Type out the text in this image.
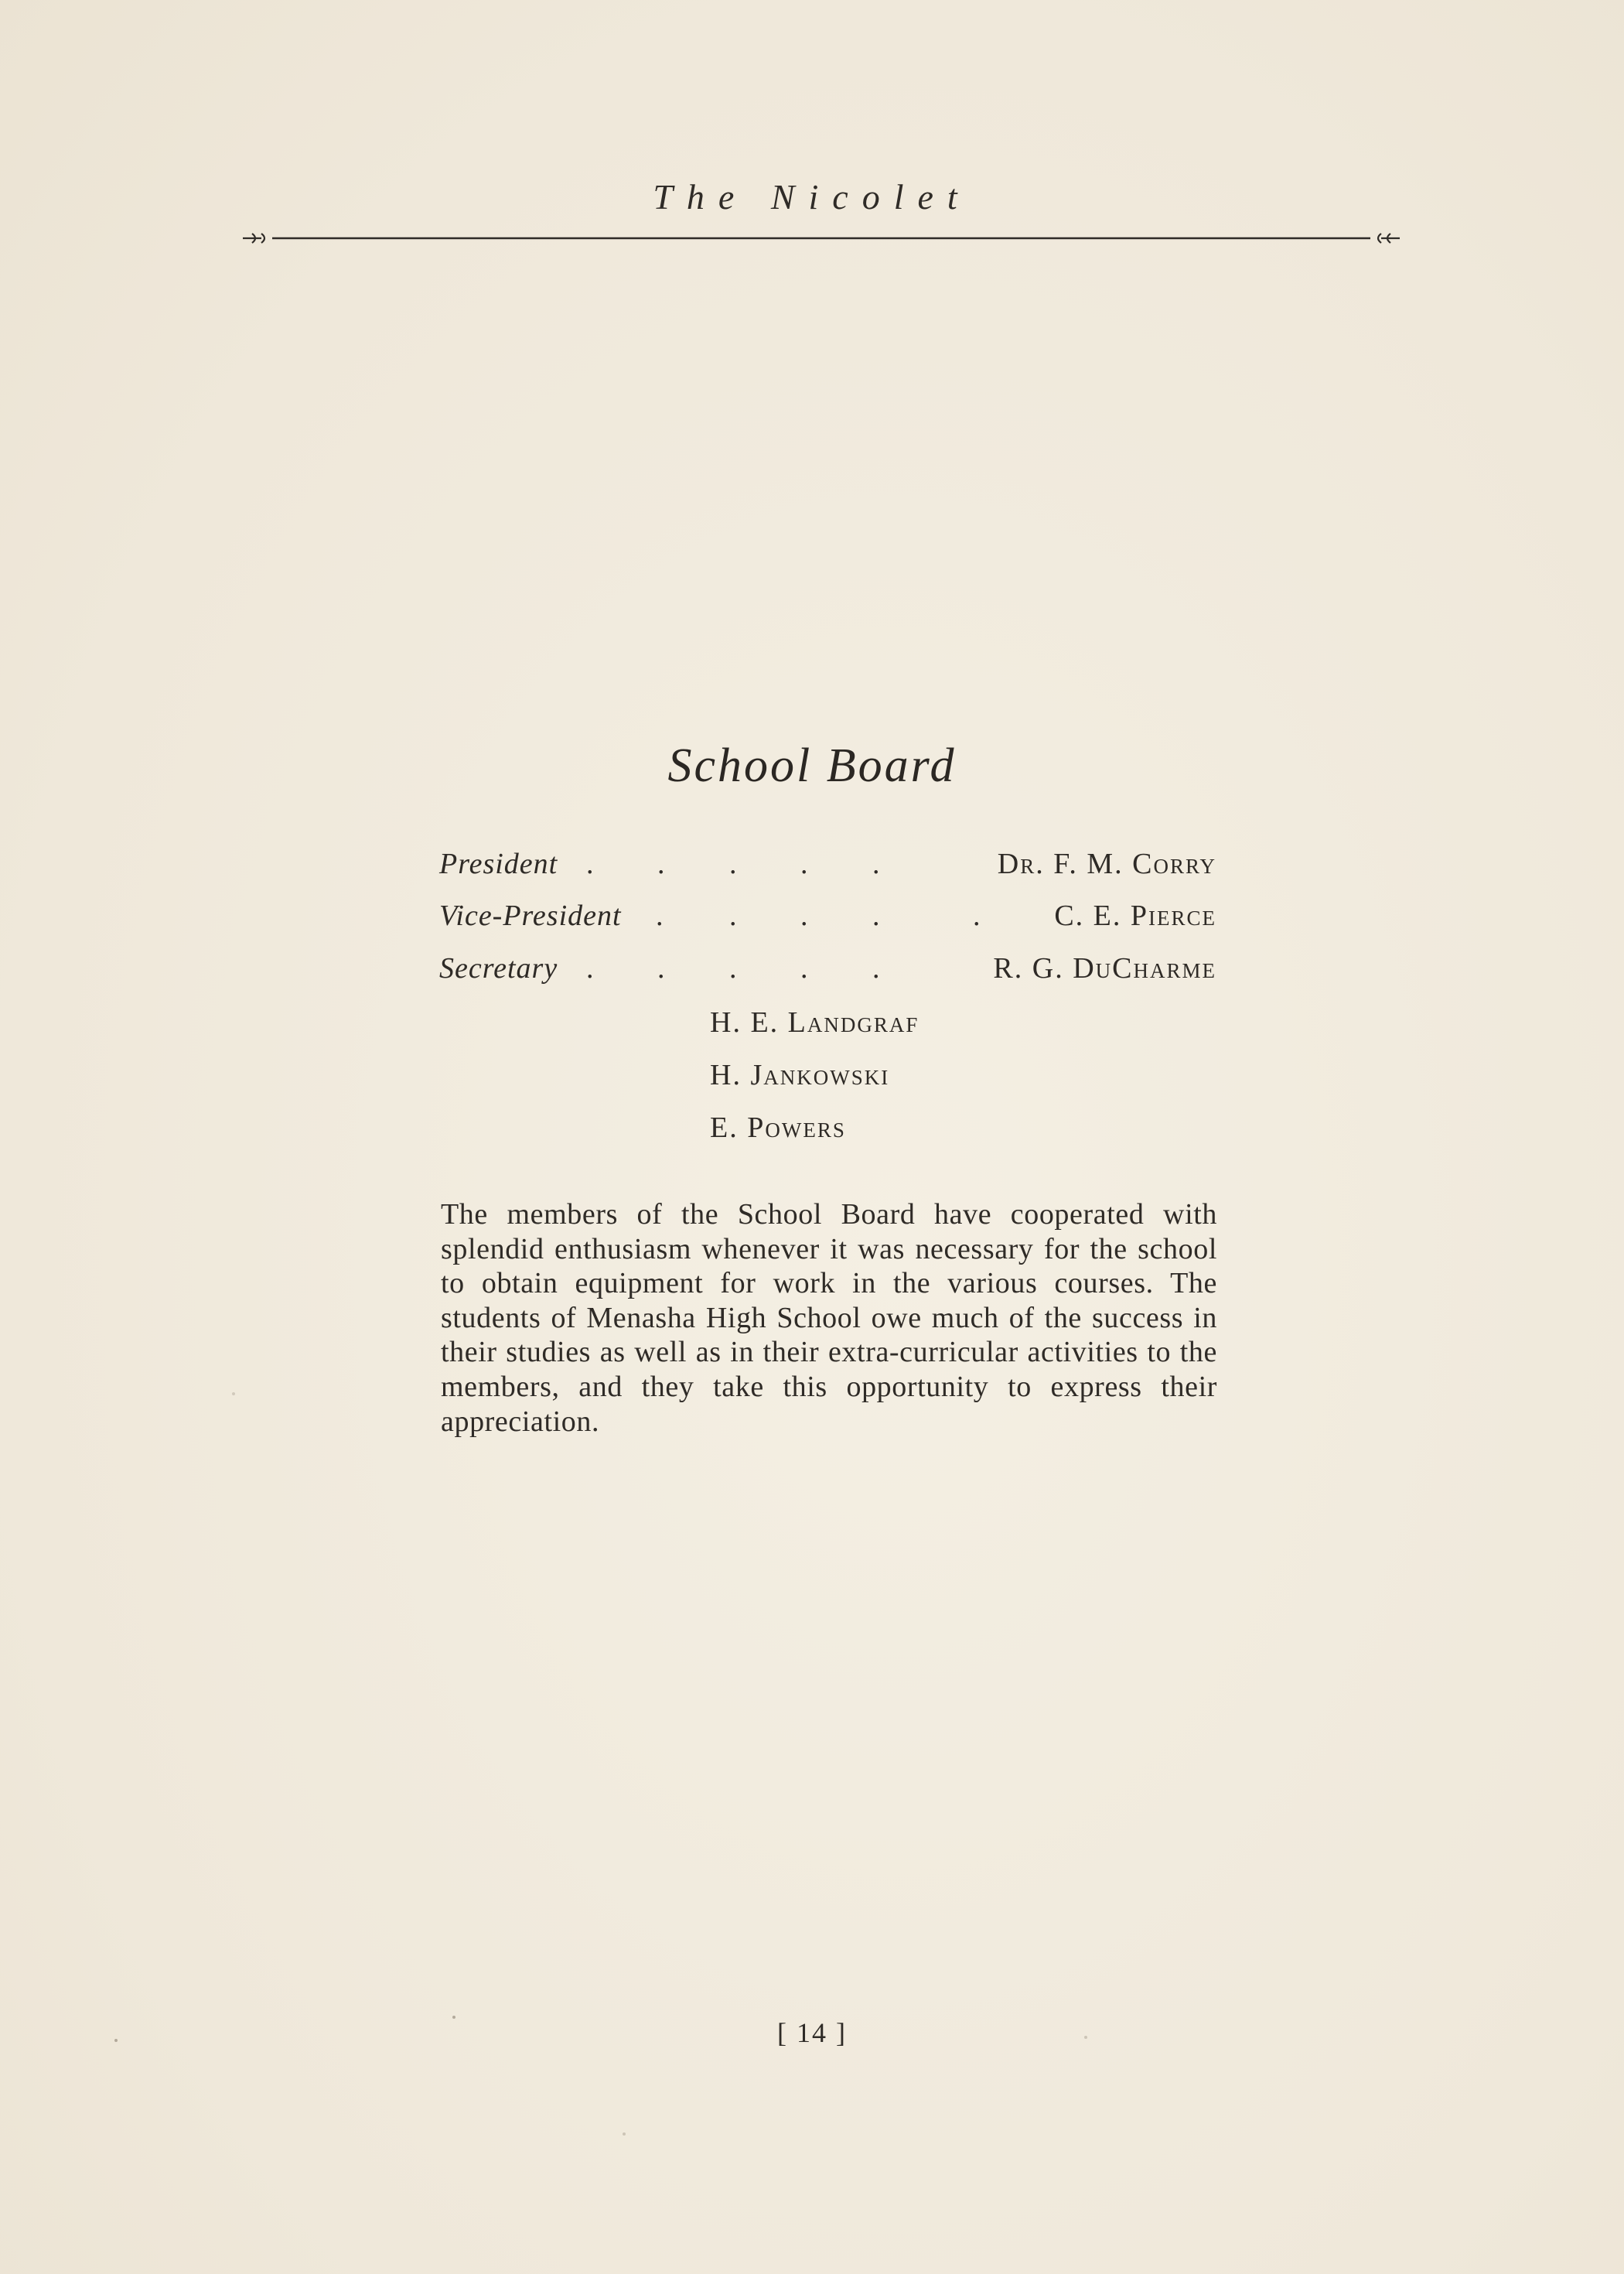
The Nicolet
School Board
President . . . . .	Dr. F. M. Corry
Vice-President . . . .	.	C. E. Pierce
Secretary . . . . .	R. G. DuCharme
H. E. Landgraf
H. Jankowski
E. Powers
The members of the School Board have cooperated with splendid enthusiasm whenever it was necessary for the school to obtain equipment for work in the various courses. The students of Menasha High School owe much of the success in their studies as well as in their extra-curricular activities to the members, and they take this opportunity to express their appreciation.
[ 14 ]
